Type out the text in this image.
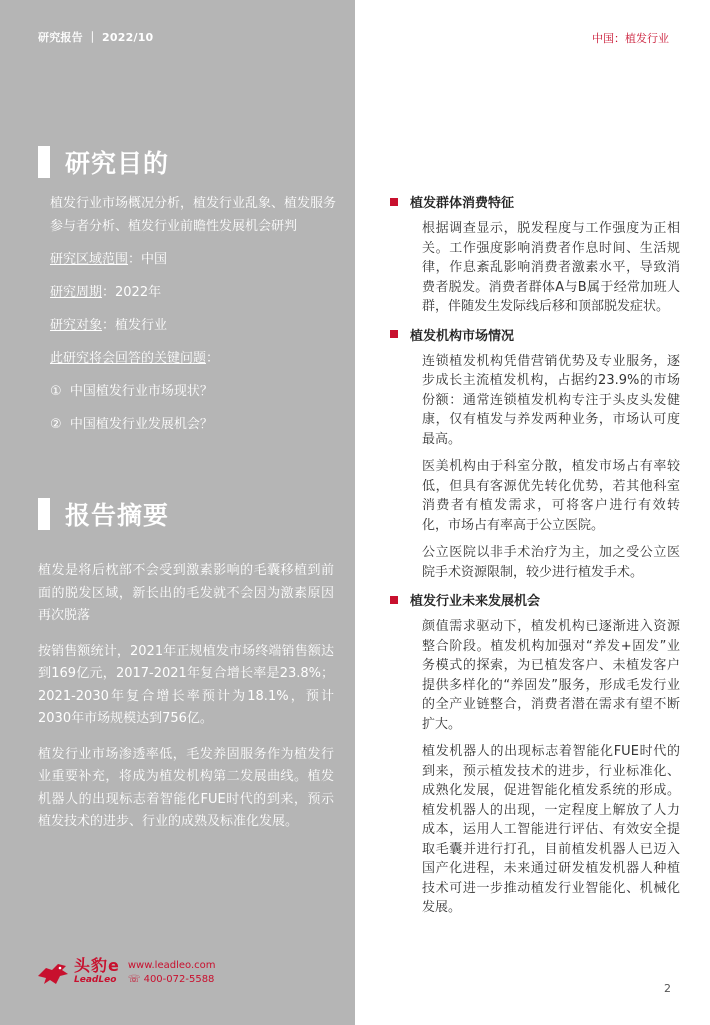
研究报告 ｜ 2022/10
研究目的

植发行业市场概况分析，植发行业乱象、植发服务参与者分析、植发行业前瞻性发展机会研判

研究区域范围：中国

研究周期：2022年

研究对象：植发行业

此研究将会回答的关键问题：

① 中国植发行业市场现状？

② 中国植发行业发展机会？

报告摘要

植发是将后枕部不会受到激素影响的毛囊移植到前面的脱发区域，新长出的毛发就不会因为激素原因再次脱落

按销售额统计，2021年正规植发市场终端销售额达到169亿元，2017-2021年复合增长率是23.8%；2021-2030年复合增长率预计为18.1%，预计2030年市场规模达到756亿。

植发行业市场渗透率低，毛发养固服务作为植发行业重要补充，将成为植发机构第二发展曲线。植发机器人的出现标志着智能化FUE时代的到来，预示植发技术的进步、行业的成熟及标准化发展。

头豹e
LeadLeo
www.leadleo.com
☏ 400-072-5588
中国：植发行业
植发群体消费特征
根据调查显示，脱发程度与工作强度为正相关。工作强度影响消费者作息时间、生活规律，作息紊乱影响消费者激素水平，导致消费者脱发。消费者群体A与B属于经常加班人群，伴随发生发际线后移和顶部脱发症状。
植发机构市场情况
连锁植发机构凭借营销优势及专业服务，逐步成长主流植发机构，占据约23.9%的市场份额：通常连锁植发机构专注于头皮头发健康，仅有植发与养发两种业务，市场认可度最高。
医美机构由于科室分散，植发市场占有率较低，但具有客源优先转化优势，若其他科室消费者有植发需求，可将客户进行有效转化，市场占有率高于公立医院。
公立医院以非手术治疗为主，加之受公立医院手术资源限制，较少进行植发手术。
植发行业未来发展机会
颜值需求驱动下，植发机构已逐渐进入资源整合阶段。植发机构加强对“养发+固发”业务模式的探索，为已植发客户、未植发客户提供多样化的“养固发”服务，形成毛发行业的全产业链整合，消费者潜在需求有望不断扩大。
植发机器人的出现标志着智能化FUE时代的到来，预示植发技术的进步，行业标准化、成熟化发展，促进智能化植发系统的形成。植发机器人的出现，一定程度上解放了人力成本，运用人工智能进行评估、有效安全提取毛囊并进行打孔，目前植发机器人已迈入国产化进程，未来通过研发植发机器人种植技术可进一步推动植发行业智能化、机械化发展。
2
